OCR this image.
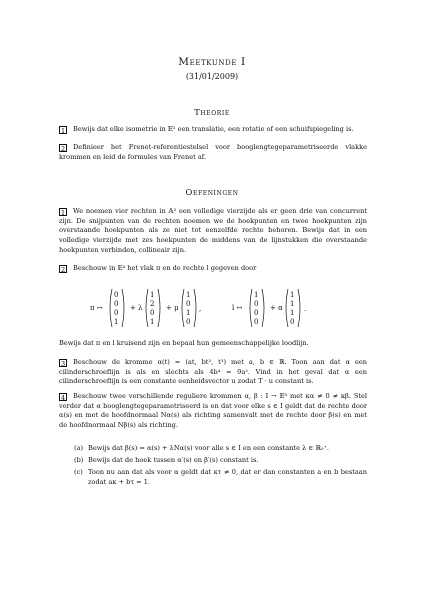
Meetkunde I
(31/01/2009)
Theorie
1	Bewijs dat elke isometrie in 𝔼² een translatie, een rotatie of een schuifspiegeling is.
2	Definieer het Frenet-referentiestelsel voor booglengtegeparametriseerde vlakke krommen en leid de formules van Frenet af.
Oefeningen
1	We noemen vier rechten in 𝔸² een volledige vierzijde als er geen drie van concurrent zijn. De snijpunten van de rechten noemen we de hoekpunten en twee hoekpunten zijn overstaande hoekpunten als ze niet tot eenzelfde rechte behoren. Bewijs dat in een volledige vierzijde met zes hoekpunten de middens van de lijnstukken die overstaande hoekpunten verbinden, collineair zijn.
2	Beschouw in 𝔼⁴ het vlak π en de rechte l gegeven door
π ↔
0
0
0
1
+ λ
1
2
0
1
+ μ
1
0
1
0
,	l ↔
1
0
0
0
+ α
1
1
1
0
.
Bewijs dat π en l kruisend zijn en bepaal hun gemeenschappelijke loodlijn.
3	Beschouw de kromme α(t) = (at, bt², t³) met a, b ∈ ℝ. Toon aan dat α een cilinderschroeflijn is als en slechts als 4b⁴ = 9a². Vind in het geval dat α een cilinderschroeflijn is een constante eenheidsvector u zodat T · u constant is.
4	Beschouw twee verschillende reguliere krommen α, β : I → 𝔼³ met κα ≠ 0 ≠ κβ. Stel verder dat α booglengtegeparametriseerd is en dat voor elke s ∈ I geldt dat de rechte door α(s) en met de hoofdnormaal Nα(s) als richting samenvalt met de rechte door β(s) en met de hoofdnormaal Nβ(s) als richting.
(a) Bewijs dat β(s) = α(s) + λNα(s) voor alle s ∈ I en een constante λ ∈ ℝ₀⁺.
(b) Bewijs dat de hoek tussen α′(s) en β′(s) constant is.
(c) Toon nu aan dat als voor α geldt dat κτ ≠ 0, dat er dan constanten a en b bestaan zodat aκ + bτ = 1.
